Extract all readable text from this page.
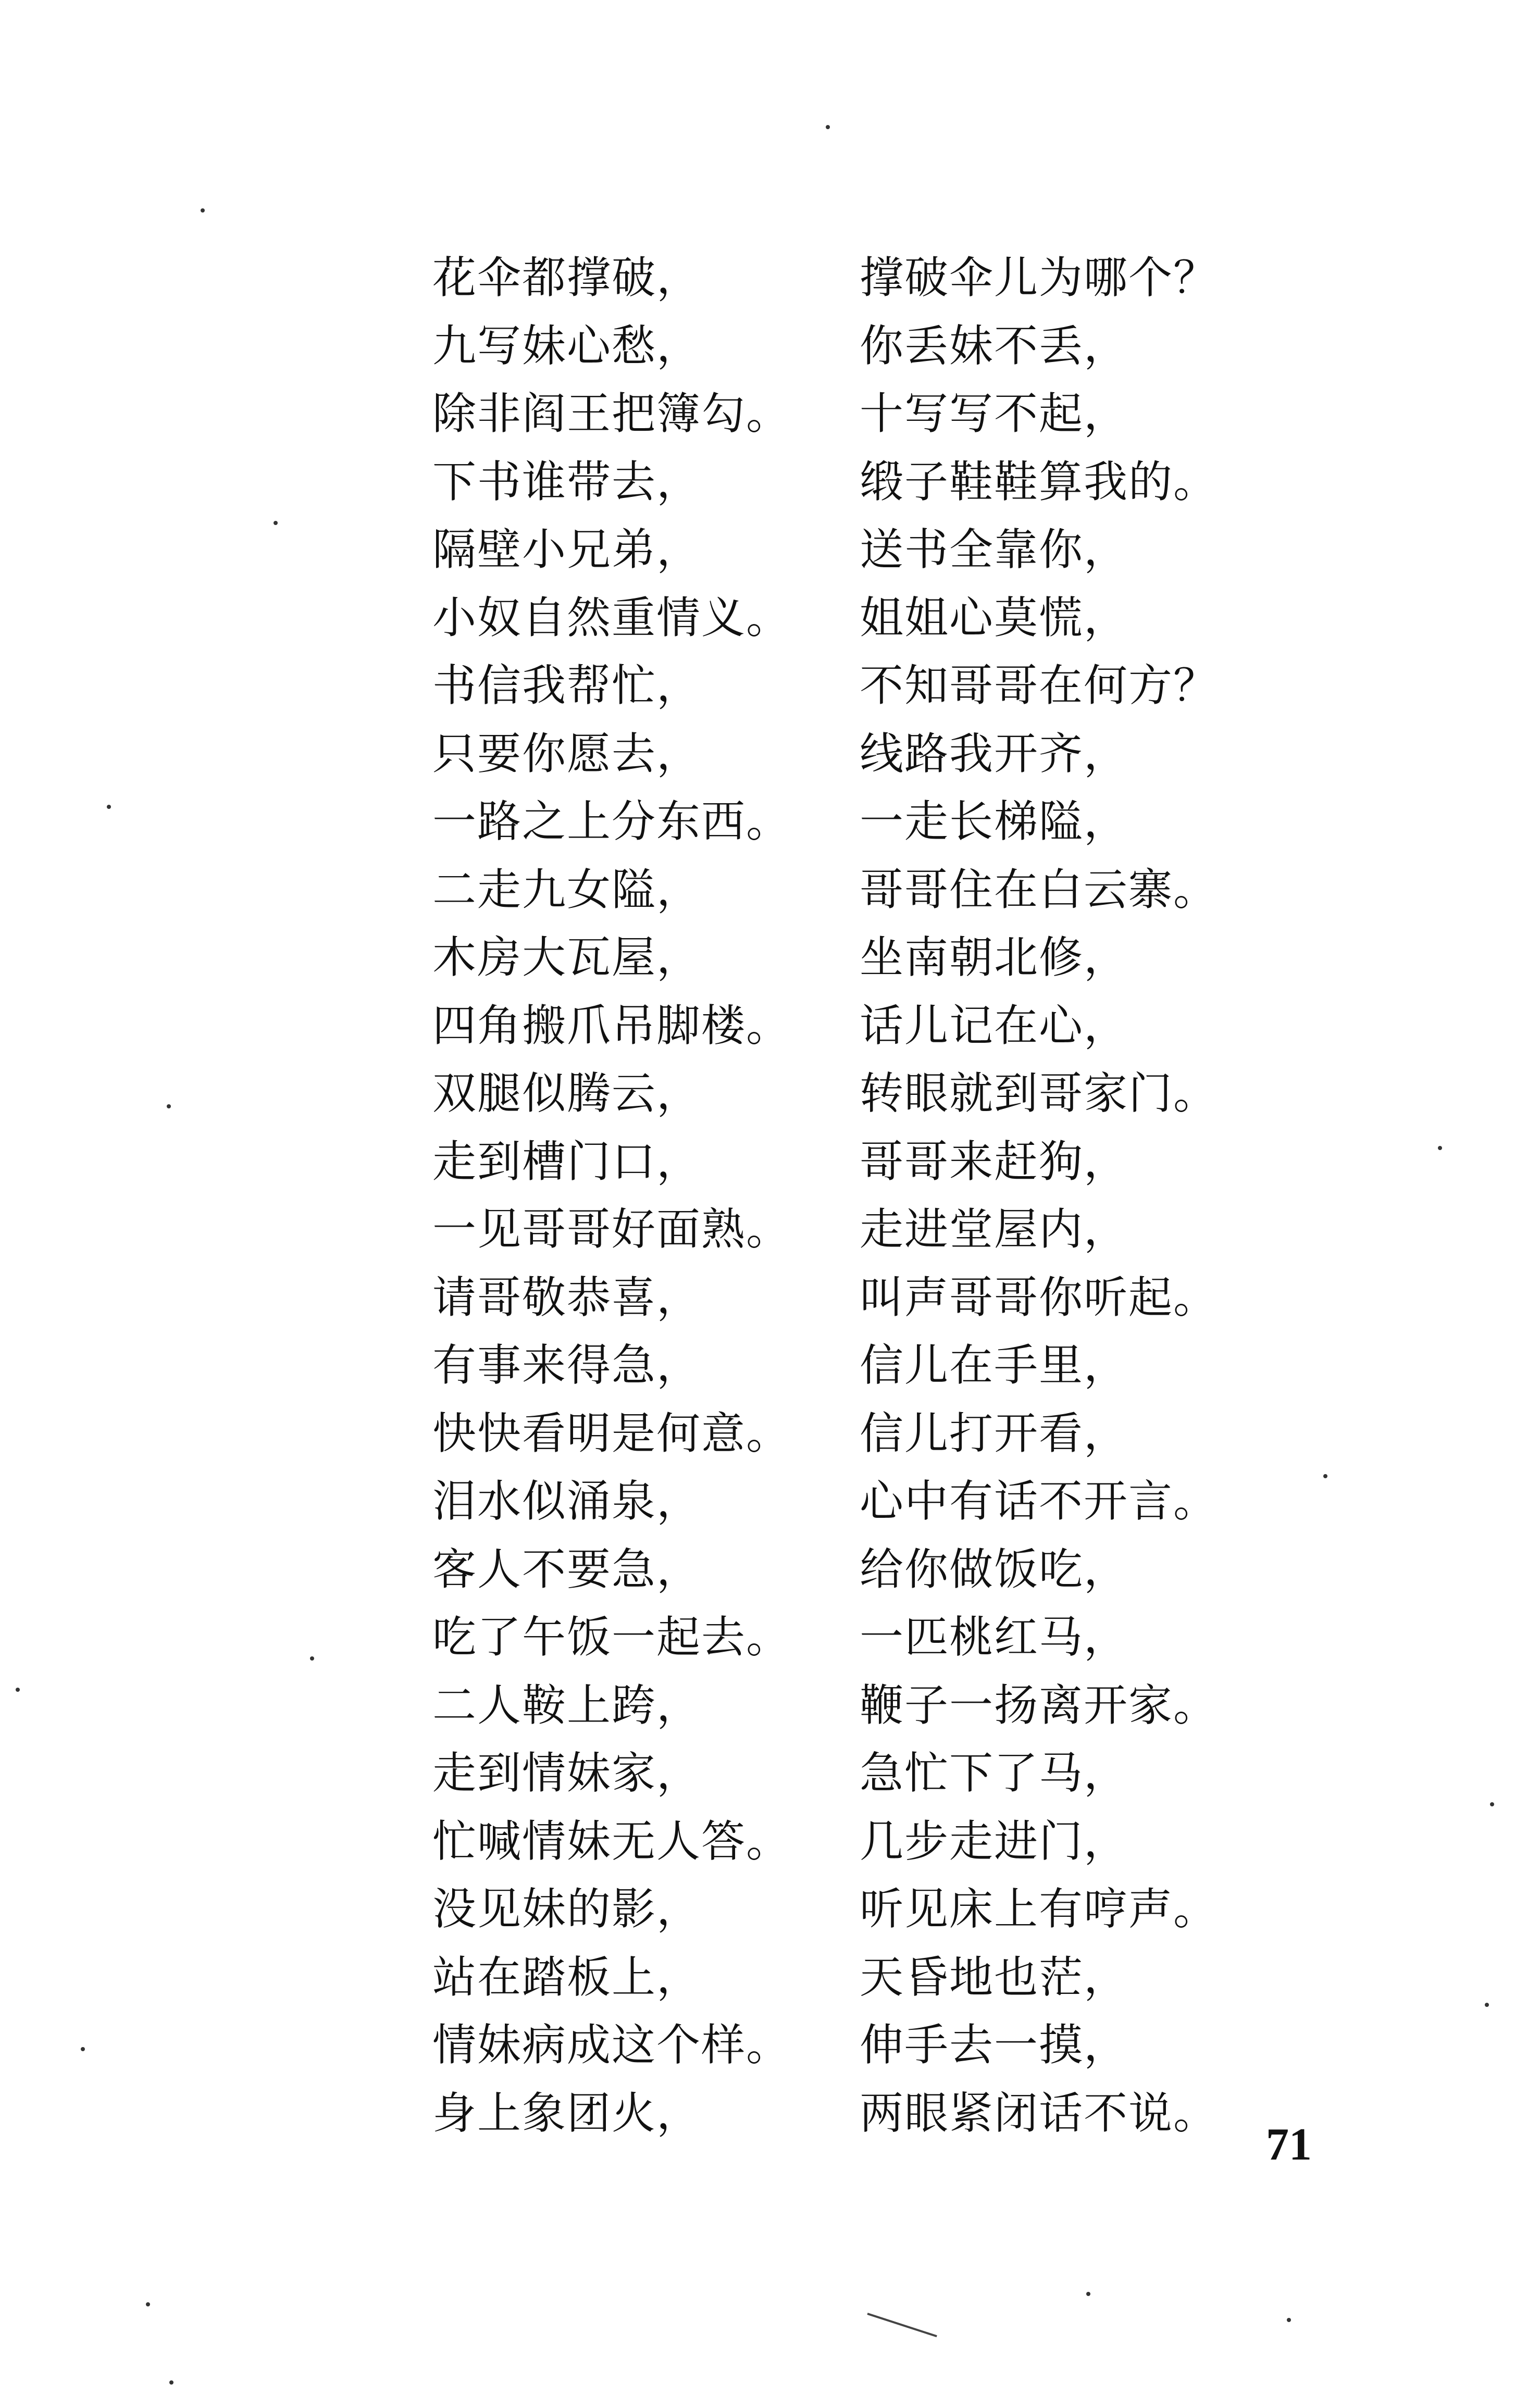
花伞都撑破，
九写妹心愁，
除非阎王把簿勾。
下书谁带去，
隔壁小兄弟，
小奴自然重情义。
书信我帮忙，
只要你愿去，
一路之上分东西。
二走九女隘，
木房大瓦屋，
四角搬爪吊脚楼。
双腿似腾云，
走到槽门口，
一见哥哥好面熟。
请哥敬恭喜，
有事来得急，
快快看明是何意。
泪水似涌泉，
客人不要急，
吃了午饭一起去。
二人鞍上跨，
走到情妹家，
忙喊情妹无人答。
没见妹的影，
站在踏板上，
情妹病成这个样。
身上象团火，
撑破伞儿为哪个？
你丢妹不丢，
十写写不起，
缎子鞋鞋算我的。
送书全靠你，
姐姐心莫慌，
不知哥哥在何方？
线路我开齐，
一走长梯隘，
哥哥住在白云寨。
坐南朝北修，
话儿记在心，
转眼就到哥家门。
哥哥来赶狗，
走进堂屋内，
叫声哥哥你听起。
信儿在手里，
信儿打开看，
心中有话不开言。
给你做饭吃，
一匹桃红马，
鞭子一扬离开家。
急忙下了马，
几步走进门，
听见床上有哼声。
天昏地也茫，
伸手去一摸，
两眼紧闭话不说。
71
